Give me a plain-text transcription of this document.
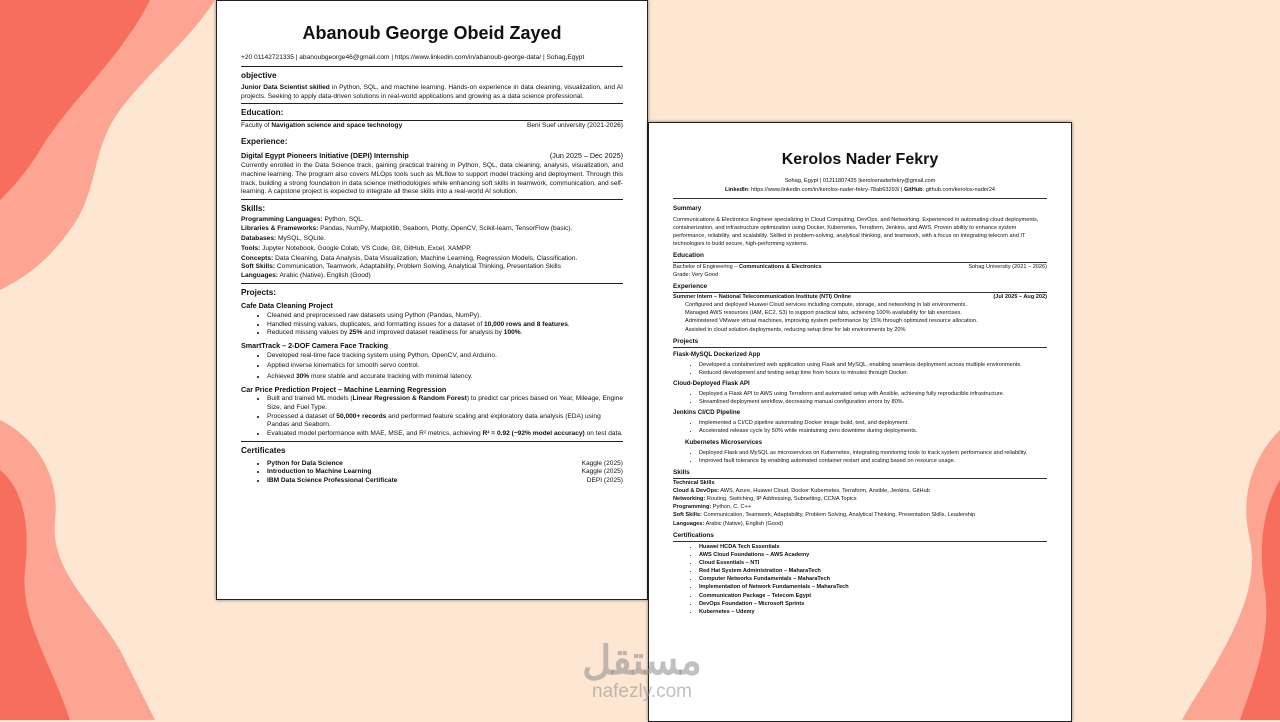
Abanoub George Obeid Zayed
+20 01142721335 | abanoubgeorge46@gmail.com | https://www.linkedin.com/in/abanoub-george-data/ | Sohag,Egypt
objective
Junior Data Scientist skilled in Python, SQL, and machine learning. Hands-on experience in data cleaning, visualization, and AI projects. Seeking to apply data-driven solutions in real-world applications and growing as a data science professional.
Education:
Faculty of Navigation science and space technology	Beni Suef university (2021-2026)
Experience:
Digital Egypt Pioneers Initiative (DEPI) Internship	(Jun 2025 – Dec 2025)
Currently enrolled in the Data Science track, gaining practical training in Python, SQL, data cleaning, analysis, visualization, and machine learning. The program also covers MLOps tools such as MLflow to support model tracking and deployment. Through this track, building a strong foundation in data science methodologies while enhancing soft skills in teamwork, communication, and self-learning. A capstone project is expected to integrate all these skills into a real-world AI solution.
Skills:
Programming Languages: Python, SQL.
Libraries & Frameworks: Pandas, NumPy, Matplotlib, Seaborn, Plotly, OpenCV, Scikit-learn, TensorFlow (basic).
Databases: MySQL, SQLite.
Tools: Jupyter Notebook, Google Colab, VS Code, Git, GitHub, Excel, XAMPP.
Concepts: Data Cleaning, Data Analysis, Data Visualization, Machine Learning, Regression Models, Classification.
Soft Skills: Communication, Teamwork, Adaptability, Problem Solving, Analytical Thinking, Presentation Skills
Languages: Arabic (Native), English (Good)
Projects:
Cafe Data Cleaning Project
• Cleaned and preprocessed raw datasets using Python (Pandas, NumPy).
• Handled missing values, duplicates, and formatting issues for a dataset of 10,000 rows and 8 features.
• Reduced missing values by 25% and improved dataset readiness for analysis by 100%.
SmartTrack – 2-DOF Camera Face Tracking
• Developed real-time face tracking system using Python, OpenCV, and Arduino.
• Applied inverse kinematics for smooth servo control.
• Achieved 30% more stable and accurate tracking with minimal latency.
Car Price Prediction Project – Machine Learning Regression
• Built and trained ML models (Linear Regression & Random Forest) to predict car prices based on Year, Mileage, Engine Size, and Fuel Type.
• Processed a dataset of 50,000+ records and performed feature scaling and exploratory data analysis (EDA) using Pandas and Seaborn.
• Evaluated model performance with MAE, MSE, and R² metrics, achieving R² = 0.92 (~92% model accuracy) on test data.
Certificates
• Python for Data Science	Kaggle (2025)
• Introduction to Machine Learning	Kaggle (2025)
• IBM Data Science Professional Certificate	DEPI (2025)
Kerolos Nader Fekry
Sohag, Egypt | 01211807435 |kerolosnaderfekry@gmail.com
LinkedIn: https://www.linkedin.com/in/kerolos-nader-fekry-78ab63293/ | GitHub: github.com/kerolos-nader24
Summary
Communications & Electronics Engineer specializing in Cloud Computing, DevOps, and Networking. Experienced in automating cloud deployments, containerization, and infrastructure optimization using Docker, Kubernetes, Terraform, Jenkins, and AWS. Proven ability to enhance system performance, reliability, and scalability. Skilled in problem-solving, analytical thinking, and teamwork, with a focus on integrating telecom and IT technologies to build secure, high-performing systems.
Education
Bachelor of Engineering – Communications & Electronics	Sohag University (2021 – 2026)
Grade: Very Good
Experience
Summer Intern – National Telecommunication Institute (NTI) Online	(Jul 2025 – Aug 202)
Configured and deployed Huawei Cloud services including compute, storage, and networking in lab environments.
Managed AWS resources (IAM, EC2, S3) to support practical labs, achieving 100% availability for lab exercises.
Administered VMware virtual machines, improving system performance by 15% through optimized resource allocation.
Assisted in cloud solution deployments, reducing setup time for lab environments by 20%
Projects
Flask-MySQL Dockerized App
• Developed a containerized web application using Flask and MySQL, enabling seamless deployment across multiple environments.
• Reduced development and testing setup time from hours to minutes through Docker.
Cloud-Deployed Flask API
• Deployed a Flask API to AWS using Terraform and automated setup with Ansible, achieving fully reproducible infrastructure.
• Streamlined deployment workflow, decreasing manual configuration errors by 80%.
Jenkins CI/CD Pipeline
• Implemented a CI/CD pipeline automating Docker image build, test, and deployment.
• Accelerated release cycle by 50% while maintaining zero downtime during deployments.
Kubernetes Microservices
• Deployed Flask and MySQL as microservices on Kubernetes, integrating monitoring tools to track system performance and reliability.
• Improved fault tolerance by enabling automated container restart and scaling based on resource usage.
Skills
Technical Skills
Cloud & DevOps: AWS, Azure, Huawei Cloud, Docker Kubernetes, Terraform, Ansible, Jenkins, GitHub
Networking: Routing, Switching, IP Addressing, Subnetting, CCNA Topics
Programming: Python, C, C++
Soft Skills: Communication, Teamwork, Adaptability, Problem Solving, Analytical Thinking, Presentation Skills, Leadership
Languages: Arabic (Native), English (Good)
Certifications
• Huawei HCDA Tech Essentials
• AWS Cloud Foundations – AWS Academy
• Cloud Essentials – NTI
• Red Hat System Administration – MaharaTech
• Computer Networks Fundamentals – MaharaTech
• Implementation of Network Fundamentals – MaharaTech
• Communication Package – Telecom Egypt
• DevOps Foundation – Microsoft Sprints
• Kubernetes – Udemy
مستقل
nafezly.com
